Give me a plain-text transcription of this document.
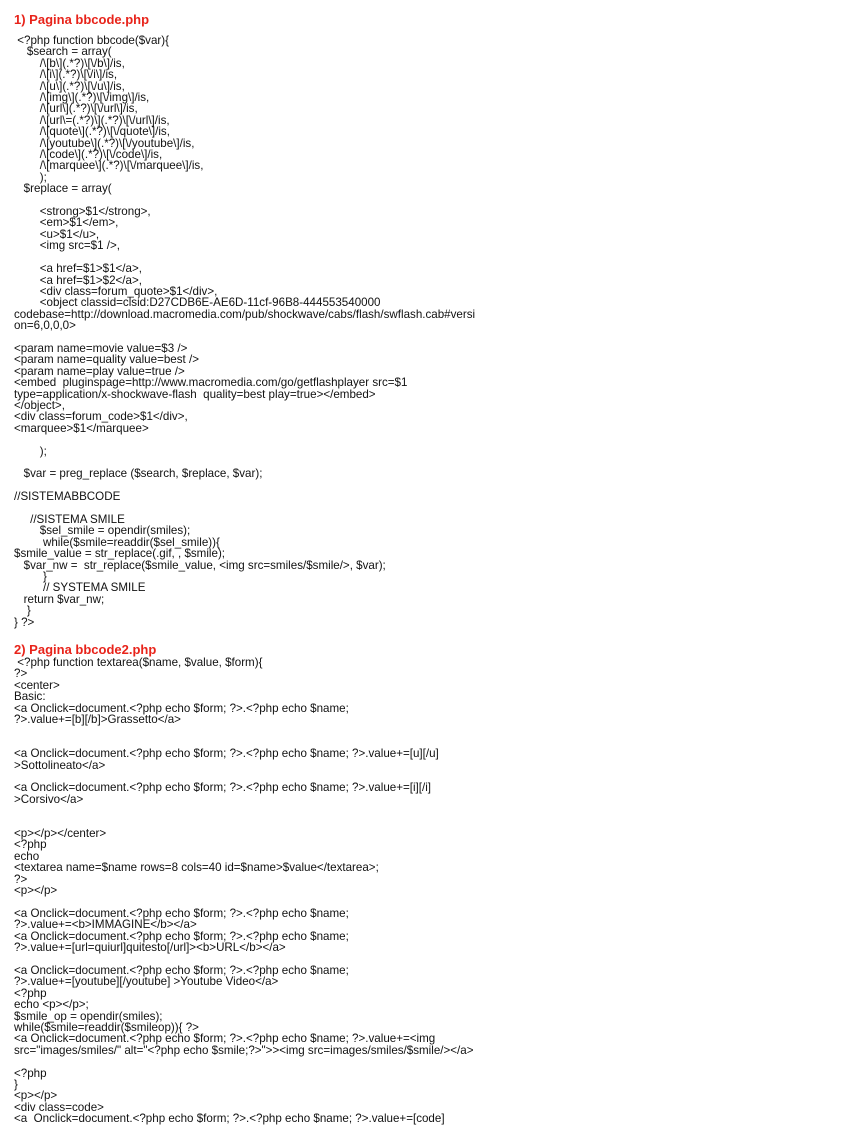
1) Pagina bbcode.php
<?php function bbcode($var){
$search = array(
/\[b\](.*?)\[\/b\]/is,
/\[i\](.*?)\[\/i\]/is,
/\[u\](.*?)\[\/u\]/is,
/\[img\](.*?)\[\/img\]/is,
/\[url\](.*?)\[\/url\]/is,
/\[url\=(.*?)\](.*?)\[\/url\]/is,
/\[quote\](.*?)\[\/quote\]/is,
/\[youtube\](.*?)\[\/youtube\]/is,
/\[code\](.*?)\[\/code\]/is,
/\[marquee\](.*?)\[\/marquee\]/is,
);
$replace = array(
<strong>$1</strong>,
<em>$1</em>,
<u>$1</u>,
<img src=$1 />,
<a href=$1>$1</a>,
<a href=$1>$2</a>,
<div class=forum_quote>$1</div>,
<object classid=clsid:D27CDB6E-AE6D-11cf-96B8-444553540000
codebase=http://download.macromedia.com/pub/shockwave/cabs/flash/swflash.cab#versi
on=6,0,0,0>
<param name=movie value=$3 />
<param name=quality value=best />
<param name=play value=true />
<embed  pluginspage=http://www.macromedia.com/go/getflashplayer src=$1
type=application/x-shockwave-flash  quality=best play=true></embed>
</object>,
<div class=forum_code>$1</div>,
<marquee>$1</marquee>
);
$var = preg_replace ($search, $replace, $var);
//SISTEMABBCODE
//SISTEMA SMILE
$sel_smile = opendir(smiles);
while($smile=readdir($sel_smile)){
$smile_value = str_replace(.gif, , $smile);
$var_nw =  str_replace($smile_value, <img src=smiles/$smile/>, $var);
}
// SYSTEMA SMILE
return $var_nw;
}
} ?>
2) Pagina bbcode2.php
<?php function textarea($name, $value, $form){
?>
<center>
Basic:
<a Onclick=document.<?php echo $form; ?>.<?php echo $name;
?>.value+=[b][/b]>Grassetto</a>
<a Onclick=document.<?php echo $form; ?>.<?php echo $name; ?>.value+=[u][/u]
>Sottolineato</a>
<a Onclick=document.<?php echo $form; ?>.<?php echo $name; ?>.value+=[i][/i]
>Corsivo</a>
<p></p></center>
<?php
echo
<textarea name=$name rows=8 cols=40 id=$name>$value</textarea>;
?>
<p></p>
<a Onclick=document.<?php echo $form; ?>.<?php echo $name;
?>.value+=<b>IMMAGINE</b></a>
<a Onclick=document.<?php echo $form; ?>.<?php echo $name;
?>.value+=[url=quiurl]quitesto[/url]><b>URL</b></a>
<a Onclick=document.<?php echo $form; ?>.<?php echo $name;
?>.value+=[youtube][/youtube] >Youtube Video</a>
<?php
echo <p></p>;
$smile_op = opendir(smiles);
while($smile=readdir($smileop)){ ?>
<a Onclick=document.<?php echo $form; ?>.<?php echo $name; ?>.value+=<img
src="images/smiles/" alt="<?php echo $smile;?>">><img src=images/smiles/$smile/></a>
<?php
}
<p></p>
<div class=code>
<a  Onclick=document.<?php echo $form; ?>.<?php echo $name; ?>.value+=[code]
